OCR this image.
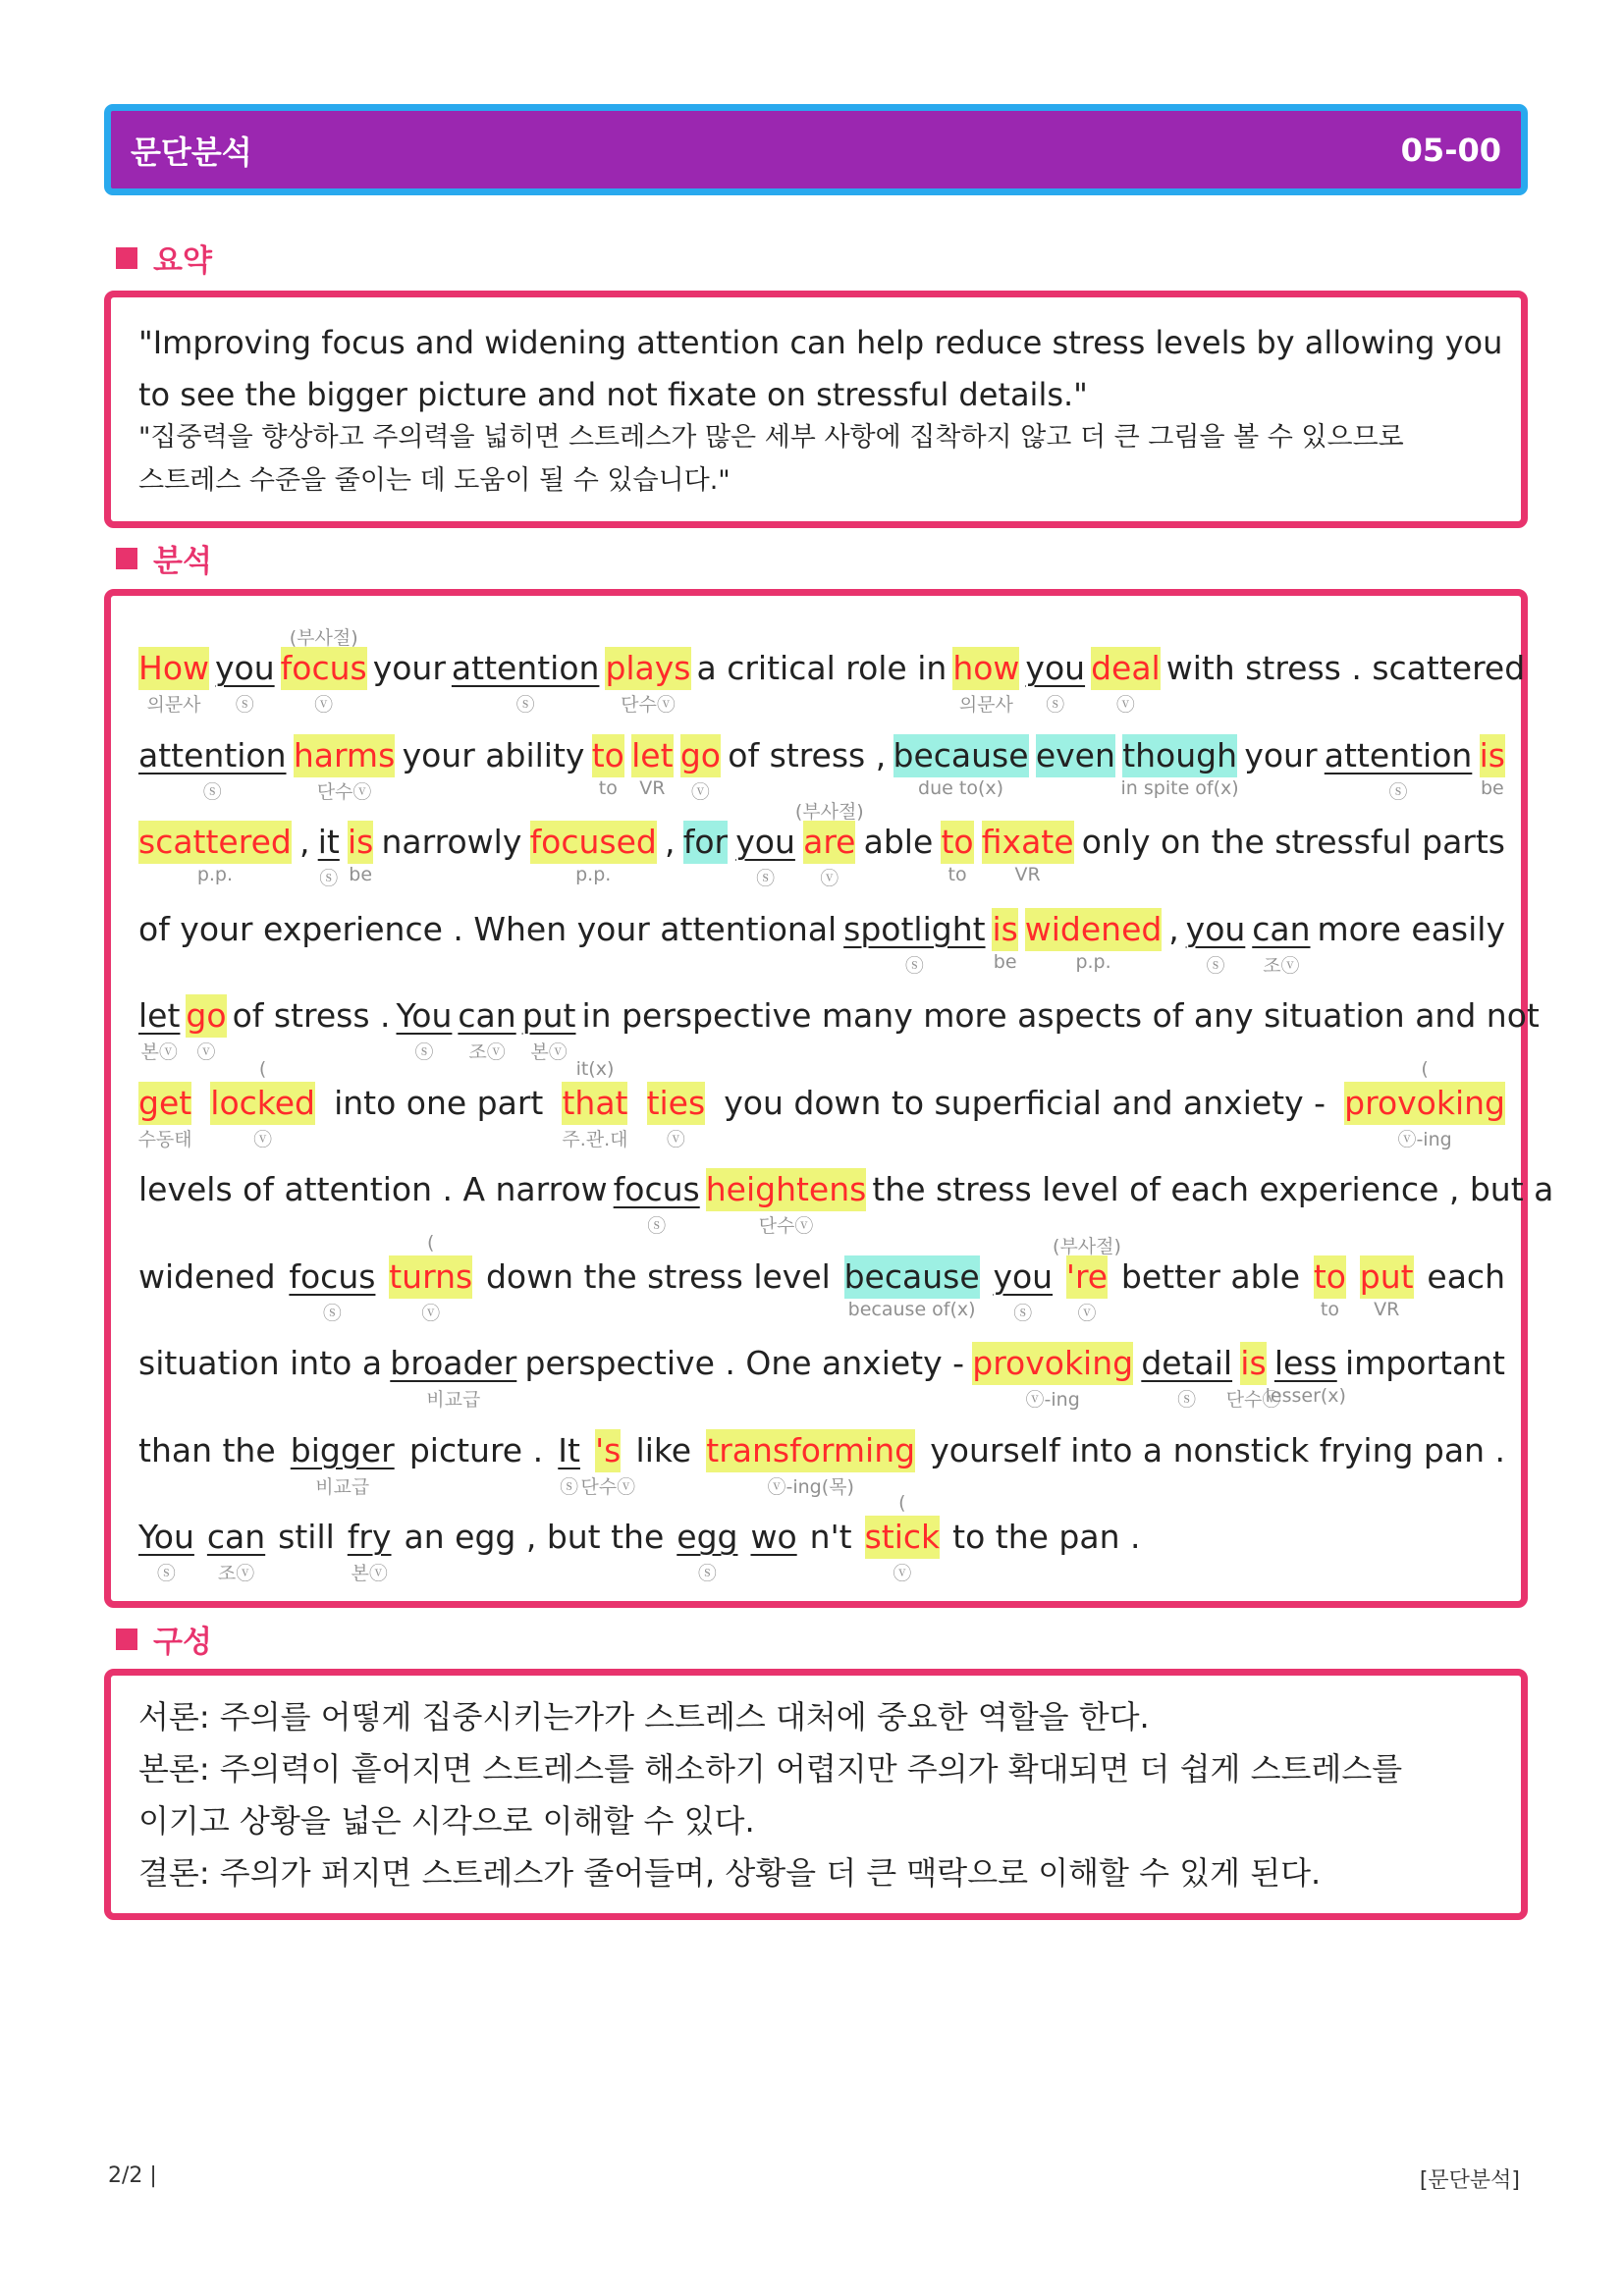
문단분석	05-00
요약
"Improving focus and widening attention can help reduce stress levels by allowing you to see the bigger picture and not fixate on stressful details."
"집중력을 향상하고 주의력을 넓히면 스트레스가 많은 세부 사항에 집착하지 않고 더 큰 그림을 볼 수 있으므로
스트레스 수준을 줄이는 데 도움이 될 수 있습니다."
분석
How you focus your attention plays a critical role in how you deal with stress . scattered
의문사 ⓢ	ⓥ
(부사절)
ⓢ	단수ⓥ	의문사 ⓢ	ⓥ
attention harms your ability to let go of stress , because even though your attention is
ⓢ	단수ⓥ	to VR ⓥ	due to(x)	in spite of(x)	ⓢ	be
scattered , it is narrowly focused , for you are able to fixate only on the stressful parts
p.p.	ⓢ be	p.p.	ⓢ ⓥ
(부사절)
to	VR
of your experience . When your attentional spotlight is widened , you can more easily
ⓢ	be	p.p.	ⓢ 조ⓥ
let go of stress . You can put in perspective many more aspects of any situation and not
본ⓥ ⓥ	ⓢ 조ⓥ 본ⓥ
get locked into one part that ties you down to superficial and anxiety - provoking
수동태	ⓥ
(
주.관.대
it(x)
ⓥ	ⓥ-ing
(
levels of attention . A narrow focus heightens the stress level of each experience , but a
ⓢ	단수ⓥ
widened focus turns down the stress level because you 're better able to put each
ⓢ	ⓥ
(
because of(x) ⓢ ⓥ
(부사절)
to VR
situation into a broader perspective . One anxiety - provoking detail is less important
비교급	ⓥ-ing	ⓢ 단수ⓥ
lesser(x)
than the bigger picture . It 's like transforming yourself into a nonstick frying pan .
비교급	ⓢ 단수ⓥ	ⓥ-ing(목)
You can still fry an egg , but the egg wo n't stick to the pan .
ⓢ 조ⓥ	본ⓥ	ⓢ	ⓥ
(
구성
서론: 주의를 어떻게 집중시키는가가 스트레스 대처에 중요한 역할을 한다.
본론: 주의력이 흩어지면 스트레스를 해소하기 어렵지만 주의가 확대되면 더 쉽게 스트레스를
이기고 상황을 넓은 시각으로 이해할 수 있다.
결론: 주의가 퍼지면 스트레스가 줄어들며, 상황을 더 큰 맥락으로 이해할 수 있게 된다.
2/2 |	[문단분석]
